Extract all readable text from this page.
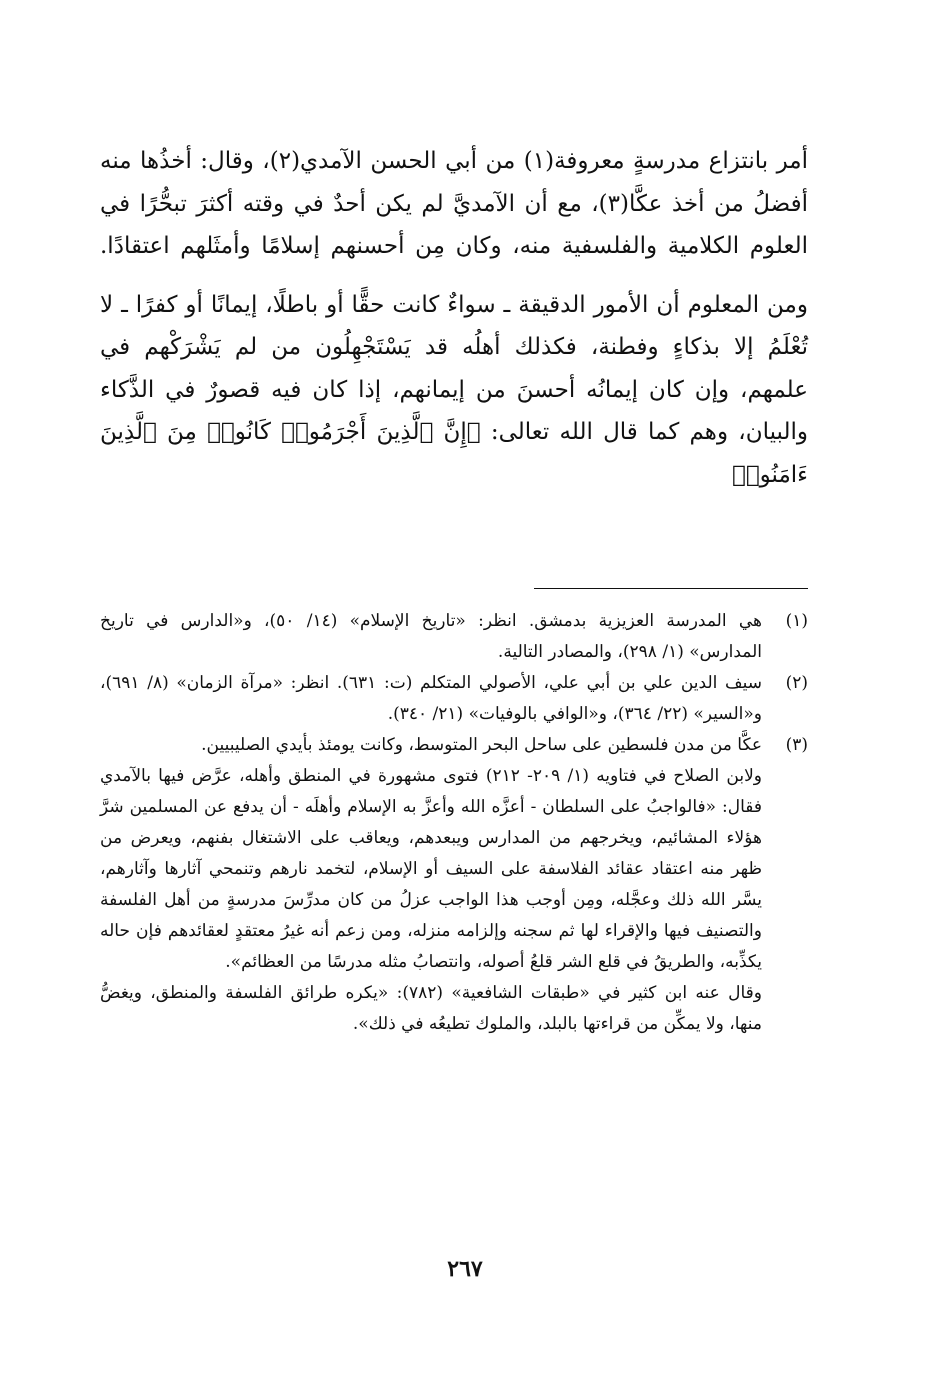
أمر بانتزاع مدرسةٍ معروفة(١) من أبي الحسن الآمدي(٢)، وقال: أخذُها منه أفضلُ من أخذ عكَّا(٣)، مع أن الآمديَّ لم يكن أحدٌ في وقته أكثرَ تبحُّرًا في العلوم الكلامية والفلسفية منه، وكان مِن أحسنهم إسلامًا وأمثَلهم اعتقادًا.

ومن المعلوم أن الأمور الدقيقة ـ سواءٌ كانت حقًّا أو باطلًا، إيمانًا أو كفرًا ـ لا تُعْلَمُ إلا بذكاءٍ وفطنة، فكذلك أهلُه قد يَسْتَجْهِلُون من لم يَشْرَكْهم في علمهم، وإن كان إيمانُه أحسنَ من إيمانهم، إذا كان فيه قصورٌ في الذَّكاء والبيان، وهم كما قال الله تعالى: ﴿إِنَّ ٱلَّذِينَ أَجْرَمُوا۟ كَانُوا۟ مِنَ ٱلَّذِينَ ءَامَنُوا۟

(١)

هي المدرسة العزيزية بدمشق. انظر: «تاريخ الإسلام» (١٤/ ٥٠)، و«الدارس في تاريخ المدارس» (١/ ٢٩٨)، والمصادر التالية.

(٢)

سيف الدين علي بن أبي علي، الأصولي المتكلم (ت: ٦٣١). انظر: «مرآة الزمان» (٨/ ٦٩١)، و«السير» (٢٢/ ٣٦٤)، و«الوافي بالوفيات» (٢١/ ٣٤٠).

(٣)

عكَّا من مدن فلسطين على ساحل البحر المتوسط، وكانت يومئذ بأيدي الصليبيين.

ولابن الصلاح في فتاويه (١/ ٢٠٩- ٢١٢) فتوى مشهورة في المنطق وأهله، عرَّض فيها بالآمدي فقال: «فالواجبُ على السلطان - أعزَّه الله وأعزَّ به الإسلام وأهلَه - أن يدفع عن المسلمين شرَّ هؤلاء المشائيم، ويخرجهم من المدارس ويبعدهم، ويعاقب على الاشتغال بفنهم، ويعرض من ظهر منه اعتقاد عقائد الفلاسفة على السيف أو الإسلام، لتخمد نارهم وتنمحي آثارها وآثارهم، يسَّر الله ذلك وعجَّله، ومِن أوجب هذا الواجب عزلُ من كان مدرِّسَ مدرسةٍ من أهل الفلسفة والتصنيف فيها والإقراء لها ثم سجنه وإلزامه منزله، ومن زعم أنه غيرُ معتقدٍ لعقائدهم فإن حاله يكذِّبه، والطريقُ في قلع الشر قلعُ أصوله، وانتصابُ مثله مدرسًا من العظائم».

وقال عنه ابن كثير في «طبقات الشافعية» (٧٨٢): «يكره طرائق الفلسفة والمنطق، ويغضُّ منها، ولا يمكِّن من قراءتها بالبلد، والملوك تطيعُه في ذلك».

٢٦٧
